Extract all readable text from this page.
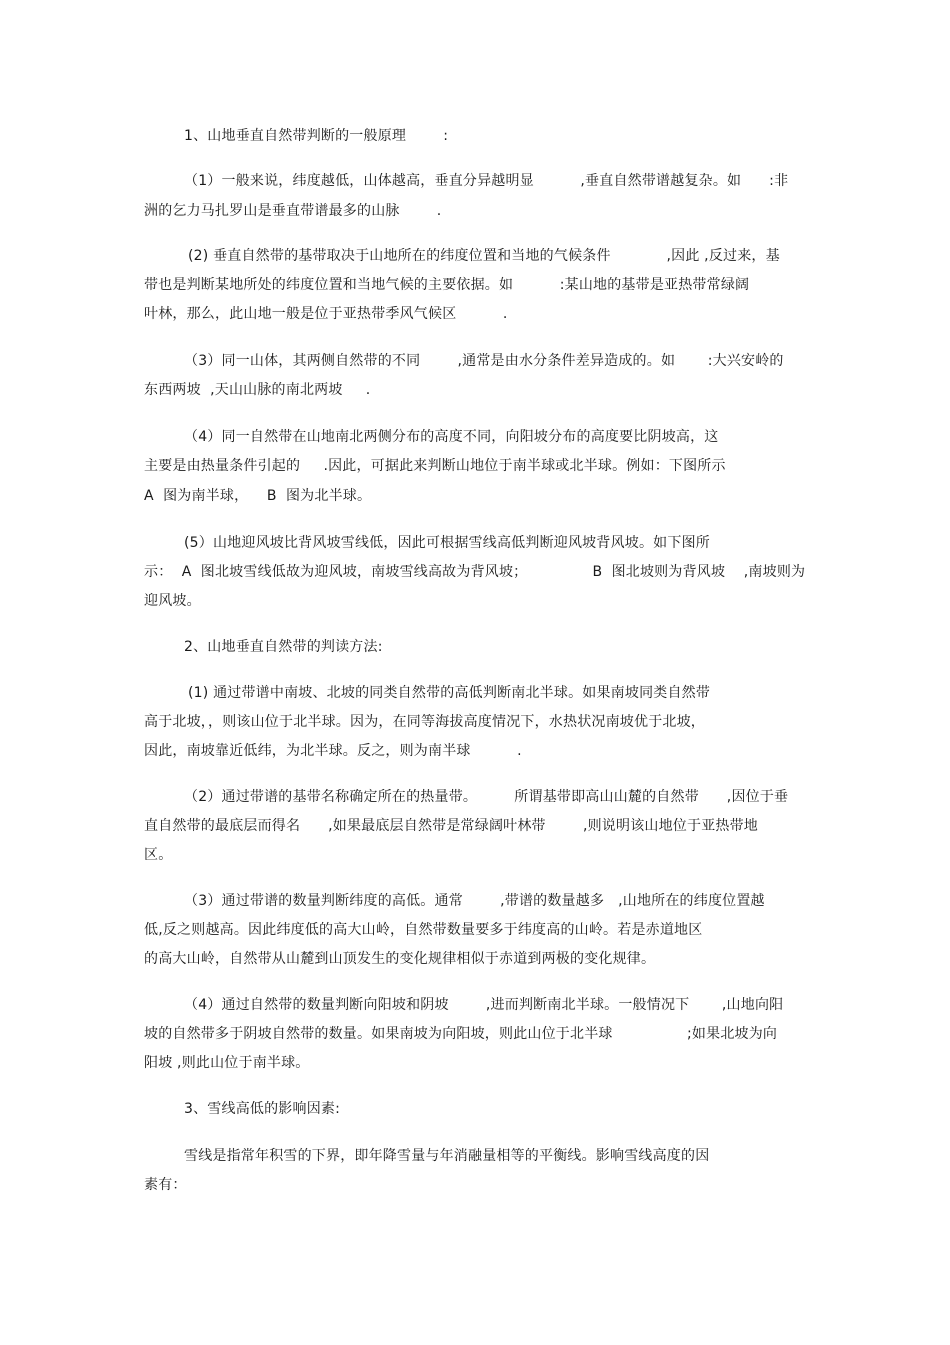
1、山地垂直自然带判断的一般原理        :
（1）一般来说，纬度越低，山体越高，垂直分异越明显          ,垂直自然带谱越复杂。如      :非
洲的乞力马扎罗山是垂直带谱最多的山脉        .
(2) 垂直自然带的基带取决于山地所在的纬度位置和当地的气候条件            ,因此 ,反过来，基
带也是判断某地所处的纬度位置和当地气候的主要依据。如          :某山地的基带是亚热带常绿阔
叶林，那么，此山地一般是位于亚热带季风气候区          .
（3）同一山体，其两侧自然带的不同        ,通常是由水分条件差异造成的。如       :大兴安岭的
东西两坡  ,天山山脉的南北两坡     .
（4）同一自然带在山地南北两侧分布的高度不同，向阳坡分布的高度要比阴坡高，这
主要是由热量条件引起的     .因此，可据此来判断山地位于南半球或北半球。例如：下图所示
A  图为南半球，    B  图为北半球。
(5）山地迎风坡比背风坡雪线低，因此可根据雪线高低判断迎风坡背风坡。如下图所
示：  A  图北坡雪线低故为迎风坡，南坡雪线高故为背风坡；              B  图北坡则为背风坡    ,南坡则为
迎风坡。
2、山地垂直自然带的判读方法:
(1) 通过带谱中南坡、北坡的同类自然带的高低判断南北半球。如果南坡同类自然带
高于北坡，，则该山位于北半球。因为，在同等海拔高度情况下，水热状况南坡优于北坡，
因此，南坡靠近低纬，为北半球。反之，则为南半球          .
（2）通过带谱的基带名称确定所在的热量带。        所谓基带即高山山麓的自然带      ,因位于垂
直自然带的最底层而得名      ,如果最底层自然带是常绿阔叶林带        ,则说明该山地位于亚热带地
区。
（3）通过带谱的数量判断纬度的高低。通常        ,带谱的数量越多   ,山地所在的纬度位置越
低,反之则越高。因此纬度低的高大山岭，自然带数量要多于纬度高的山岭。若是赤道地区
的高大山岭，自然带从山麓到山顶发生的变化规律相似于赤道到两极的变化规律。
（4）通过自然带的数量判断向阳坡和阴坡        ,进而判断南北半球。一般情况下       ,山地向阳
坡的自然带多于阴坡自然带的数量。如果南坡为向阳坡，则此山位于北半球                ;如果北坡为向
阳坡 ,则此山位于南半球。
3、雪线高低的影响因素:
雪线是指常年积雪的下界，即年降雪量与年消融量相等的平衡线。影响雪线高度的因
素有：
